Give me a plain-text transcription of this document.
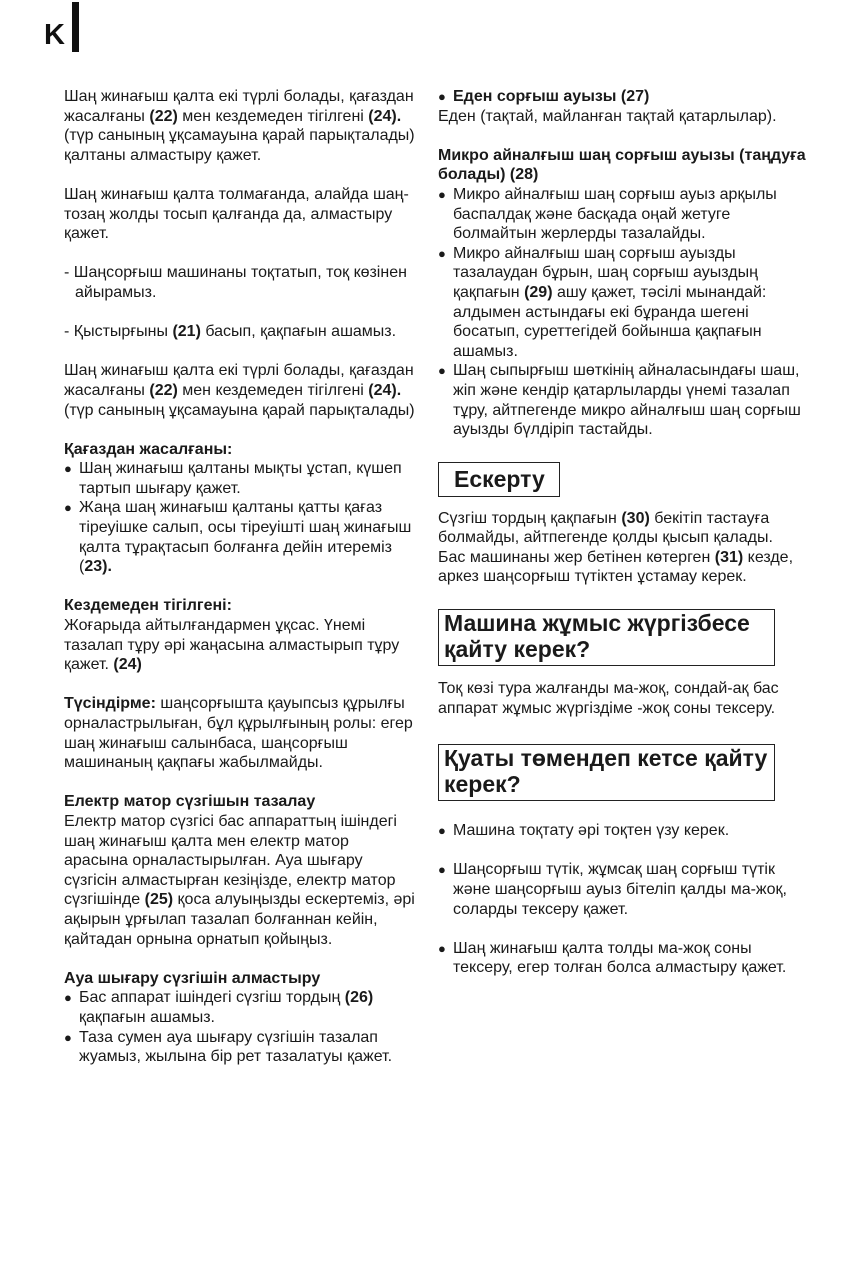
K

Шаң жинағыш қалта екі түрлі болады, қағаздан жасалғаны (22) мен кездемеден тігілгені (24). (түр санының ұқсамауына қарай парықталады)

қалтаны алмастыру қажет.

Шаң жинағыш қалта толмағанда, алайда шаң-тозаң жолды тосып қалғанда да, алмастыру қажет.

- Шаңсорғыш машинаны тоқтатып, тоқ көзінен айырамыз.

- Қыстырғыны (21) басып, қақпағын ашамыз.

Шаң жинағыш қалта екі түрлі болады, қағаздан жасалғаны (22) мен кездемеден тігілгені (24). (түр санының ұқсамауына қарай парықталады)

Қағаздан жасалғаны:

● Шаң жинағыш қалтаны мықты ұстап, күшеп тартып шығару қажет.
● Жаңа шаң жинағыш қалтаны қатты қағаз тіреуішке салып, осы тіреуішті шаң жинағыш қалта тұрақтасып болғанға дейін итереміз (23).

Кездемеден тігілгені:

Жоғарыда айтылғандармен ұқсас. Үнемі тазалап тұру әрі жаңасына алмастырып тұру қажет. (24)

Түсіндірме: шаңсорғышта қауыпсыз құрылғы орналастрылыған, бұл құрылғының ролы: егер шаң жинағыш салынбаса, шаңсорғыш машинаның қақпағы жабылмайды.

Електр матор сүзгішын тазалау

Електр матор сүзгісі бас аппараттың ішіндегі шаң жинағыш қалта мен електр матор арасына орналастырылған. Ауа шығару сүзгісін алмастырған кезіңізде, електр матор сүзгішінде (25) қоса алуыңызды ескертеміз, әрі ақырын ұрғылап тазалап болғаннан кейін, қайтадан орнына орнатып қойыңыз.

Ауа шығару сүзгішін алмастыру

● Бас аппарат ішіндегі сүзгіш тордың (26) қақпағын ашамыз.
● Таза сумен ауа шығару сүзгішін тазалап жуамыз, жылына бір рет тазалатуы қажет.

● Еден сорғыш ауызы (27)

Еден (тақтай, майланған тақтай қатарлылар).

Микро айналғыш шаң сорғыш ауызы (таңдуға болады) (28)

● Микро айналғыш шаң сорғыш ауыз арқылы баспалдақ және басқада оңай жетуге болмайтын жерлерды тазалайды.
● Микро айналғыш шаң сорғыш ауызды тазалаудан бұрын, шаң сорғыш ауыздың қақпағын (29) ашу қажет, тәсілі мынандай: алдымен астындағы екі бұранда шегені босатып, суреттегідей бойынша қақпағын ашамыз.
● Шаң сыпырғыш шөткінің айналасындағы шаш, жіп және кендір қатарлыларды үнемі тазалап тұру, айтпегенде микро айналғыш шаң сорғыш ауызды бүлдіріп тастайды.
Ескерту

Сүзгіш тордың қақпағын (30) бекітіп тастауға болмайды, айтпегенде қолды қысып қалады.

Бас машинаны жер бетінен көтерген (31) кезде, аркез шаңсорғыш түтіктен ұстамау керек.

Машина жұмыс жүргізбесе қайту керек?

Тоқ көзі тура жалғанды ма-жоқ, сондай-ақ бас аппарат жұмыс жүргіздіме -жоқ соны тексеру.

Қуаты төмендеп кетсе қайту керек?
● Машина тоқтату әрі тоқтен үзу керек.
● Шаңсорғыш түтік, жұмсақ шаң сорғыш түтік және шаңсорғыш ауыз бітеліп қалды ма-жоқ, соларды тексеру қажет.
● Шаң жинағыш қалта толды ма-жоқ соны тексеру, егер толған болса алмастыру қажет.
